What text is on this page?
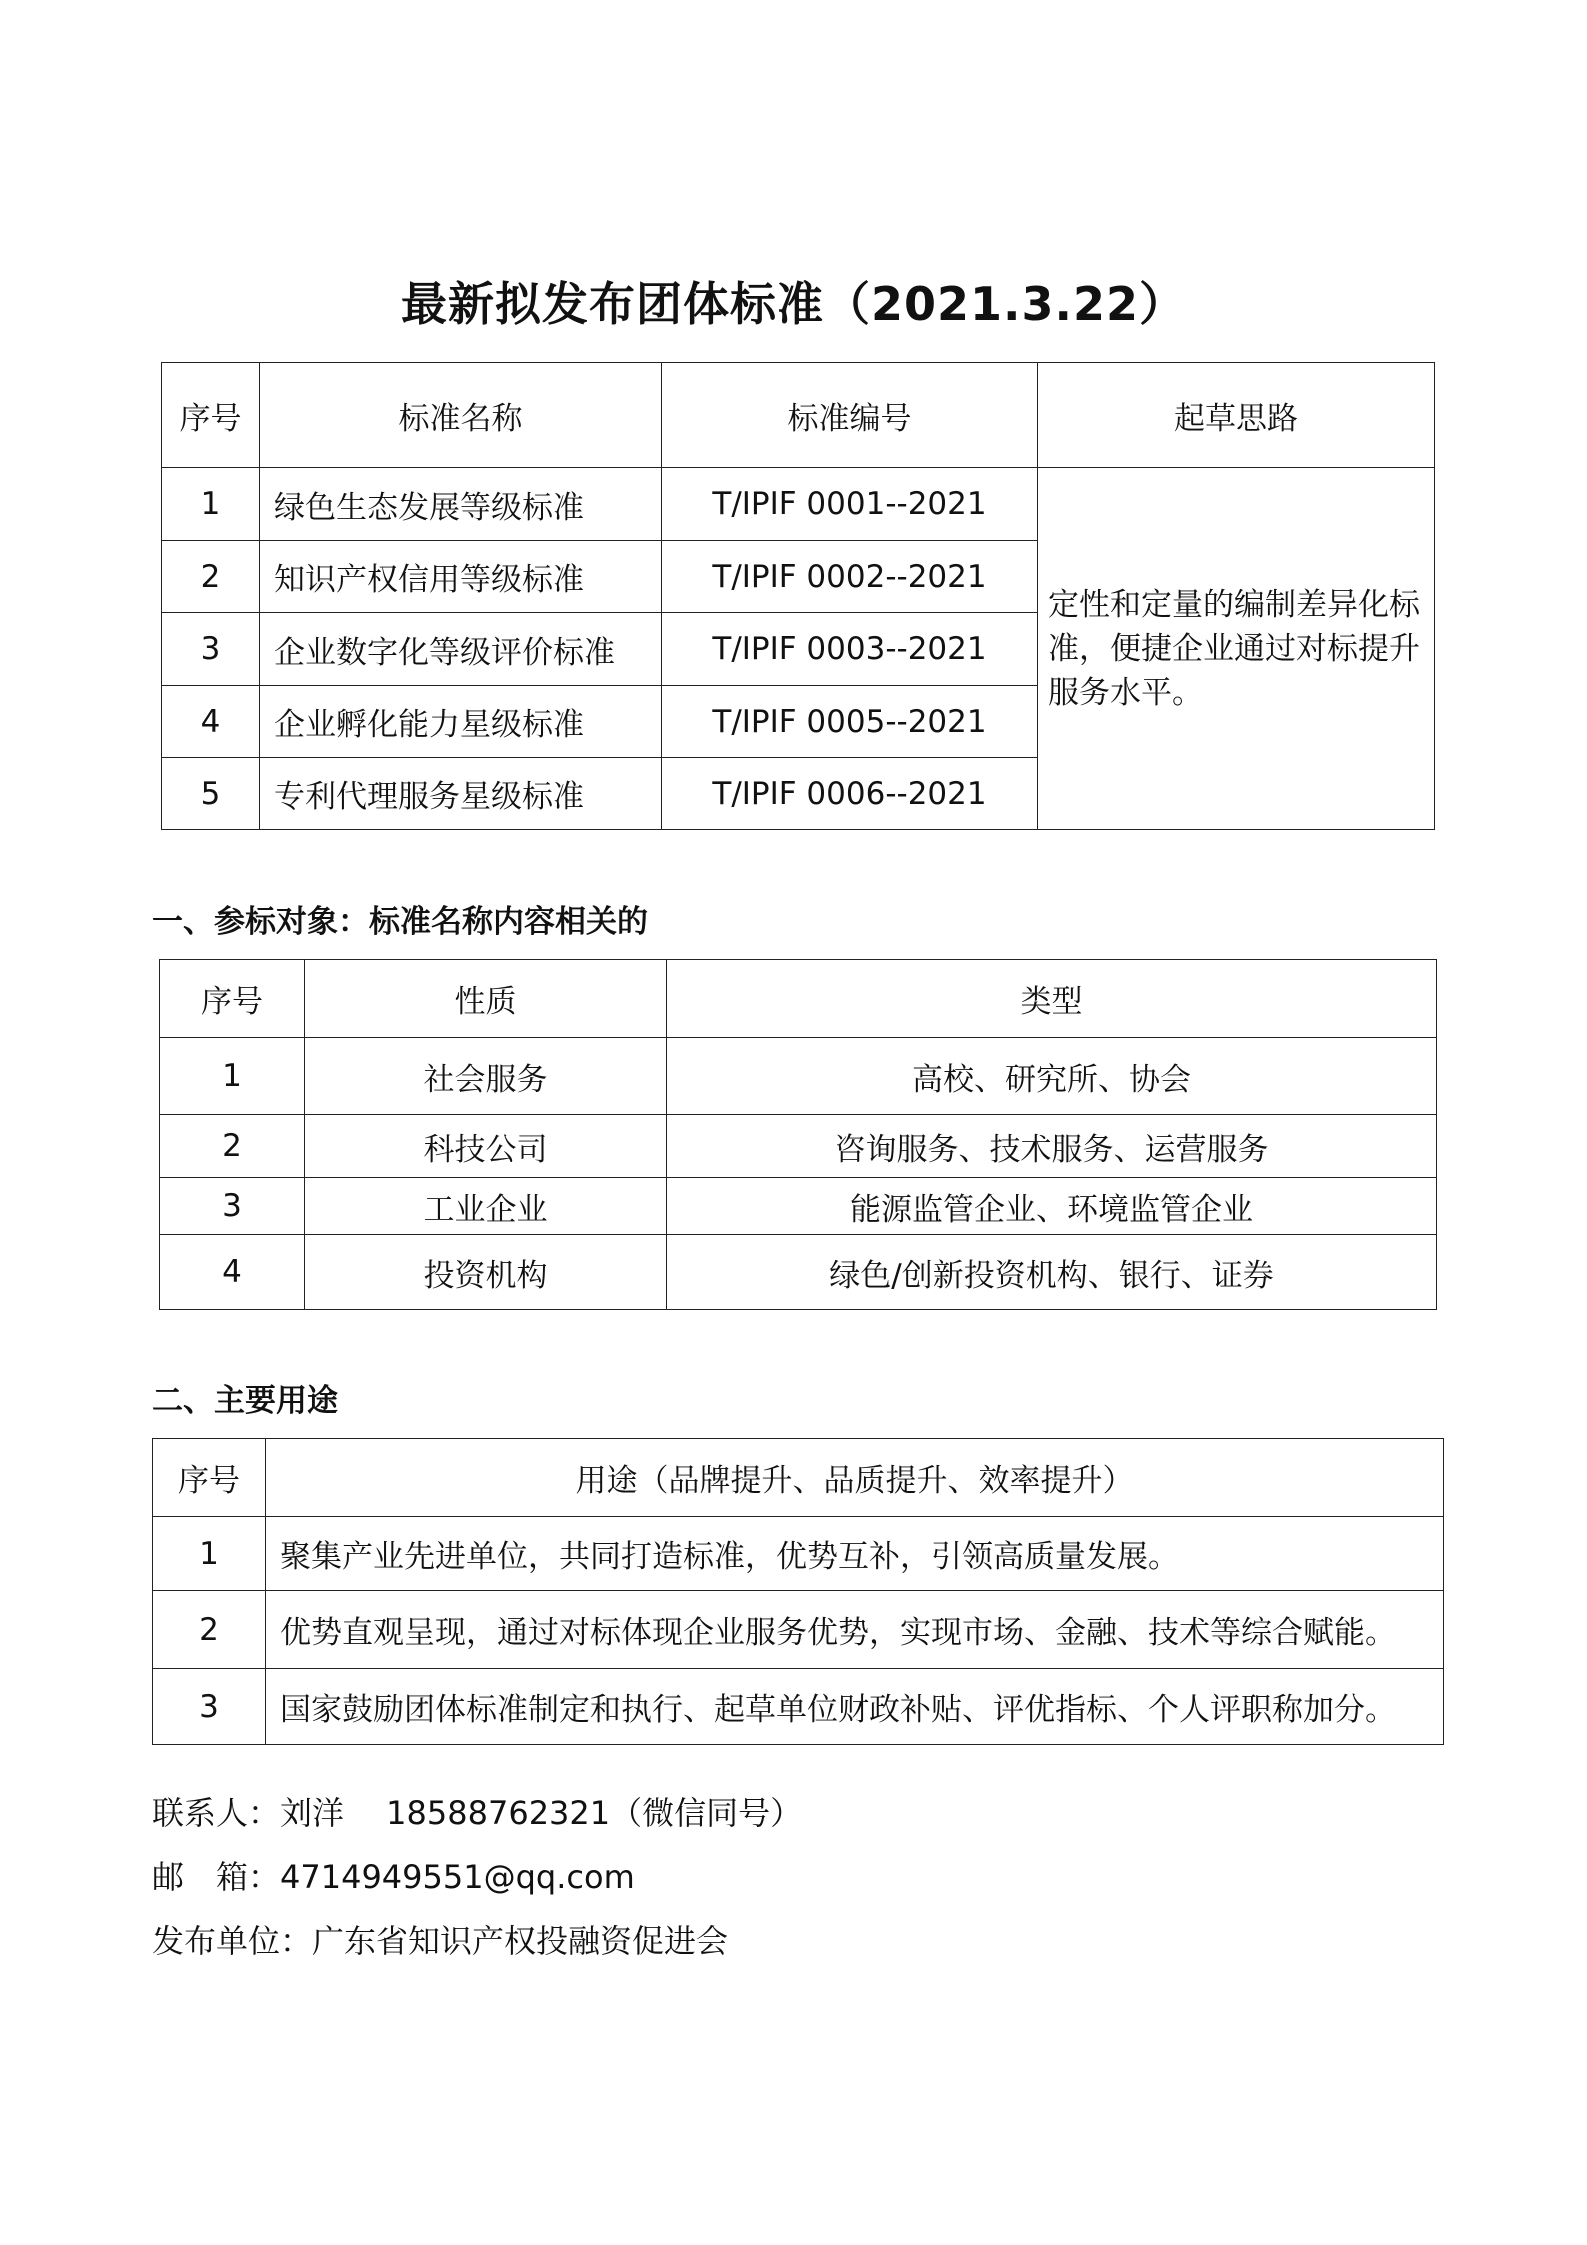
最新拟发布团体标准（2021.3.22）
序号	标准名称	标准编号	起草思路
1	绿色生态发展等级标准	T/IPIF 0001--2021	定性和定量的编制差异化标准，便捷企业通过对标提升服务水平。
2	知识产权信用等级标准	T/IPIF 0002--2021	
3	企业数字化等级评价标准	T/IPIF 0003--2021	
4	企业孵化能力星级标准	T/IPIF 0005--2021	
5	专利代理服务星级标准	T/IPIF 0006--2021	
一、参标对象：标准名称内容相关的
序号	性质	类型
1	社会服务	高校、研究所、协会
2	科技公司	咨询服务、技术服务、运营服务
3	工业企业	能源监管企业、环境监管企业
4	投资机构	绿色/创新投资机构、银行、证券
二、主要用途
序号	用途（品牌提升、品质提升、效率提升）
1	聚集产业先进单位，共同打造标准，优势互补，引领高质量发展。
2	优势直观呈现，通过对标体现企业服务优势，实现市场、金融、技术等综合赋能。
3	国家鼓励团体标准制定和执行、起草单位财政补贴、评优指标、个人评职称加分。
联系人：刘洋　 18588762321（微信同号）
邮　箱：4714949551@qq.com
发布单位：广东省知识产权投融资促进会
